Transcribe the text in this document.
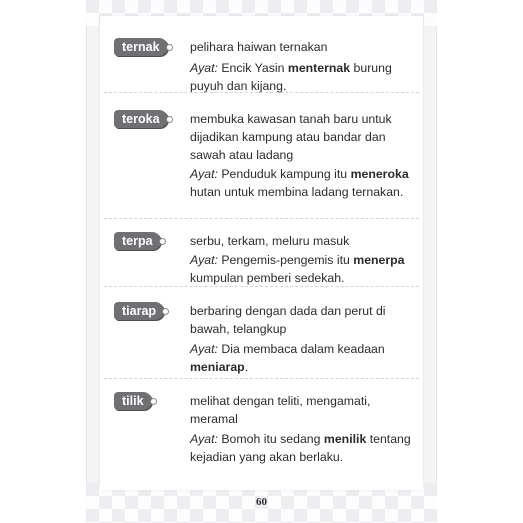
ternak	pelihara haiwan ternakan
Ayat: Encik Yasin menternak burung puyuh dan kijang.
teroka	membuka kawasan tanah baru untuk dijadikan kampung atau bandar dan sawah atau ladang
Ayat: Penduduk kampung itu meneroka hutan untuk membina ladang ternakan.
terpa	serbu, terkam, meluru masuk
Ayat: Pengemis-pengemis itu menerpa kumpulan pemberi sedekah.
tiarap	berbaring dengan dada dan perut di bawah, telangkup
Ayat: Dia membaca dalam keadaan meniarap.
tilik	melihat dengan teliti, mengamati, meramal
Ayat: Bomoh itu sedang menilik tentang kejadian yang akan berlaku.
60
